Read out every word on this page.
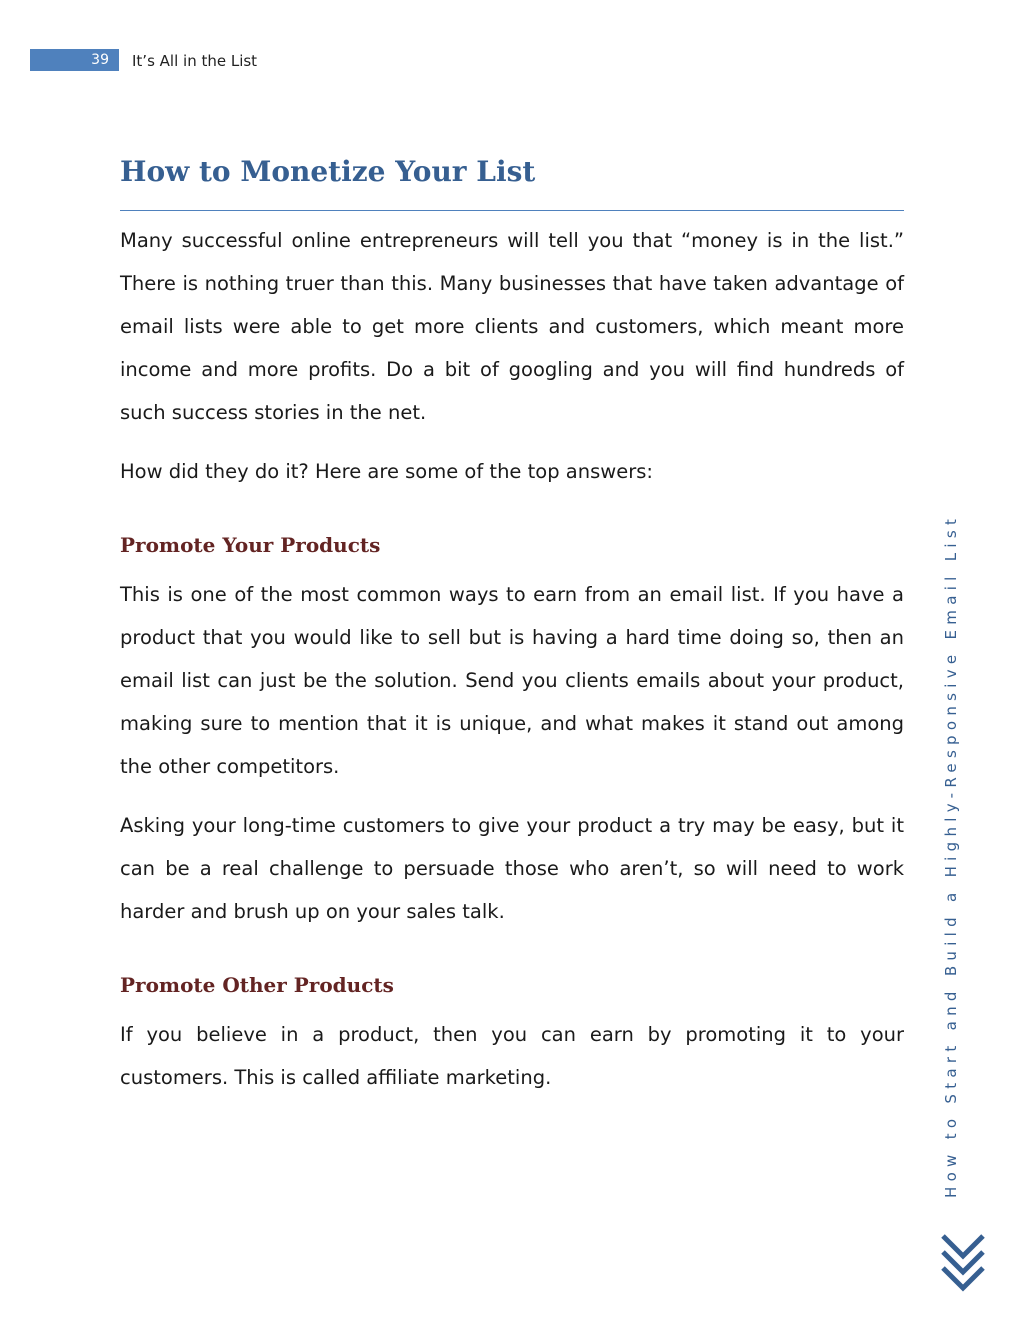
39 It’s All in the List
How to Monetize Your List

Many successful online entrepreneurs will tell you that “money is in the list.” There is nothing truer than this. Many businesses that have taken advantage of email lists were able to get more clients and customers, which meant more income and more profits. Do a bit of googling and you will find hundreds of such success stories in the net.

How did they do it? Here are some of the top answers:

Promote Your Products

This is one of the most common ways to earn from an email list. If you have a product that you would like to sell but is having a hard time doing so, then an email list can just be the solution. Send you clients emails about your product, making sure to mention that it is unique, and what makes it stand out among the other competitors.

Asking your long-time customers to give your product a try may be easy, but it can be a real challenge to persuade those who aren’t, so will need to work harder and brush up on your sales talk.

Promote Other Products

If you believe in a product, then you can earn by promoting it to your customers. This is called affiliate marketing.	How to Start and Build a Highly-Responsive Email List
